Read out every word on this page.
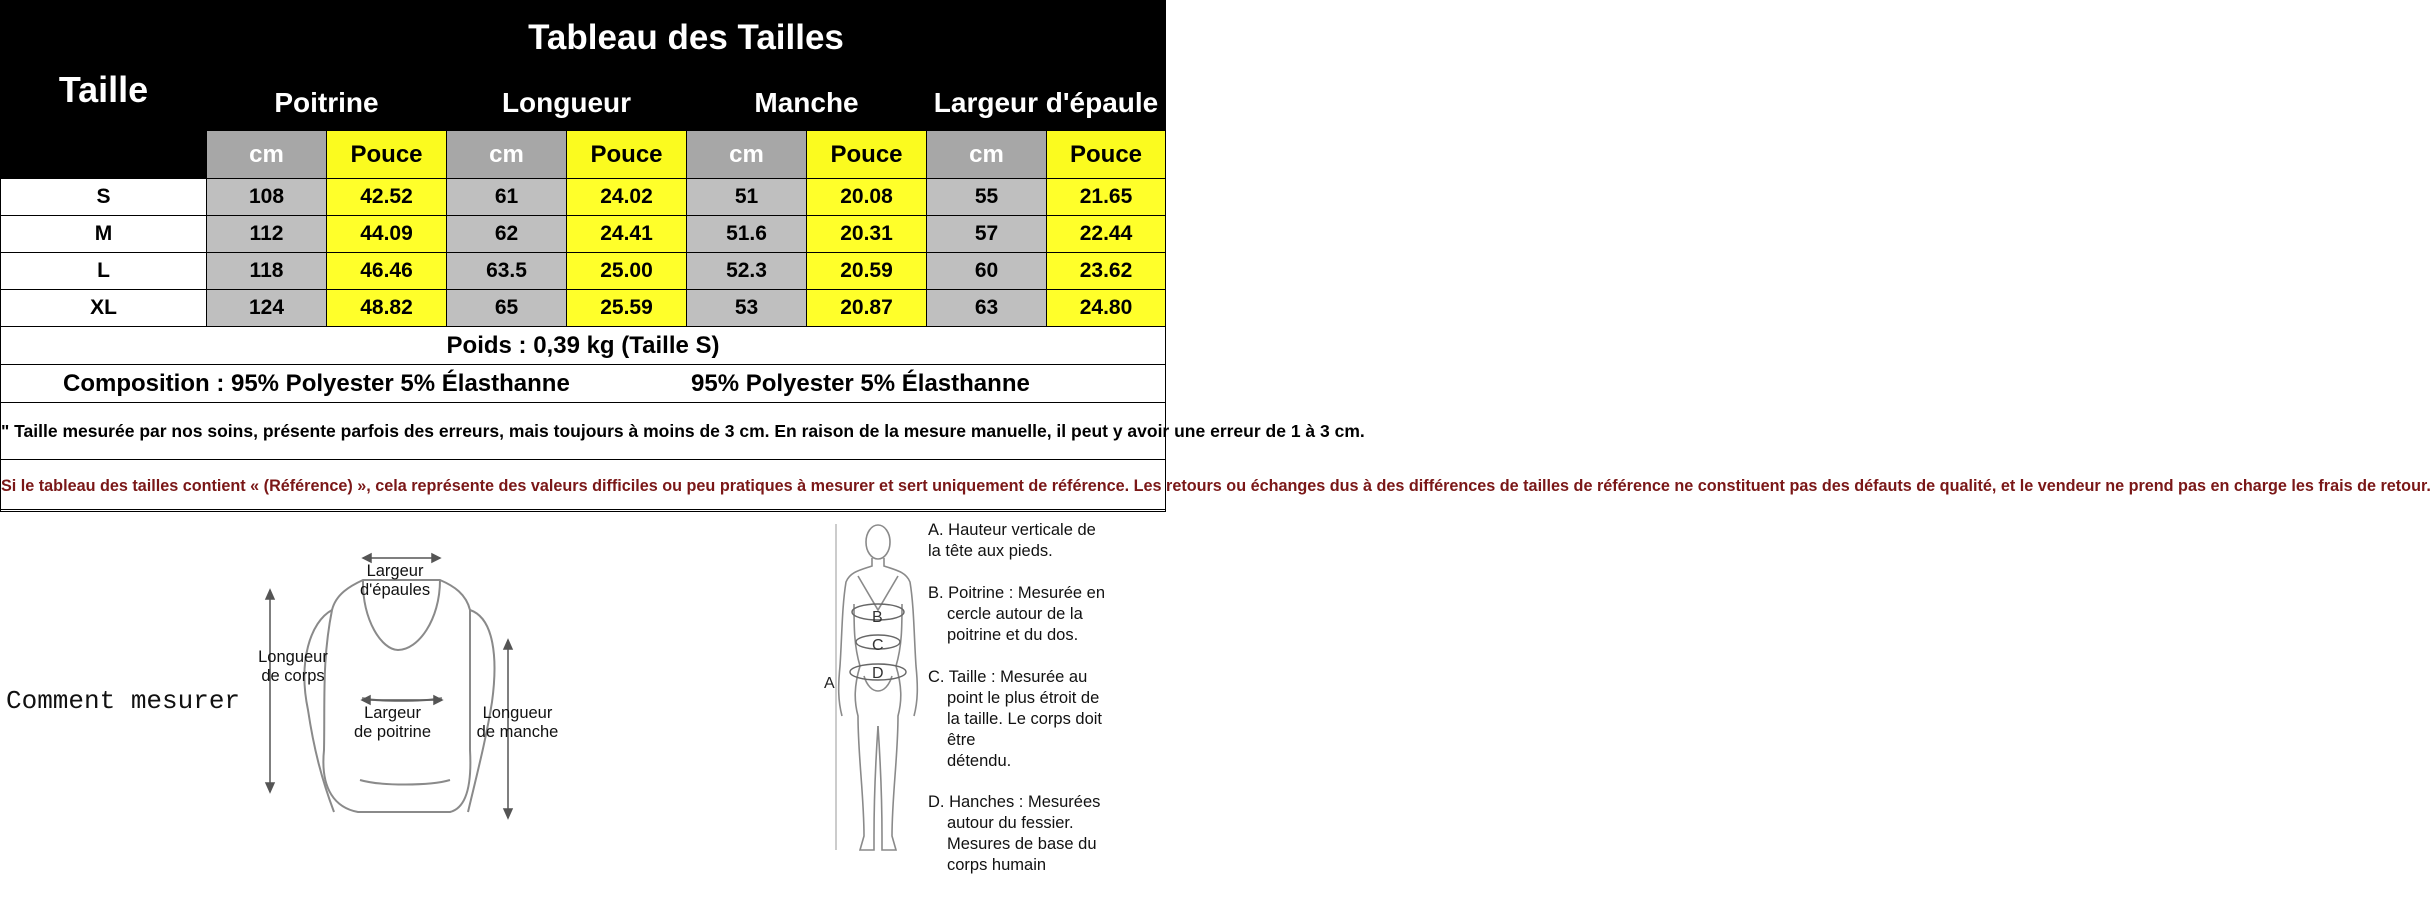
Taille	Tableau des Tailles							
	Poitrine		Longueur		Manche		Largeur d'épaule	
	cm	Pouce	cm	Pouce	cm	Pouce	cm	Pouce
S	108	42.52	61	24.02	51	20.08	55	21.65
M	112	44.09	62	24.41	51.6	20.31	57	22.44
L	118	46.46	63.5	25.00	52.3	20.59	60	23.62
XL	124	48.82	65	25.59	53	20.87	63	24.80
Poids : 0,39 kg (Taille S)								

Composition : 95% Polyester 5% Élasthanne 95% Polyester 5% Élasthanne								

" Taille mesurée par nos soins, présente parfois des erreurs, mais toujours à moins de 3 cm. En raison de la mesure manuelle, il peut y avoir une erreur de 1 à 3 cm.								
Si le tableau des tailles contient « (Référence) », cela représente des valeurs difficiles ou peu pratiques à mesurer et sert uniquement de référence. Les retours ou échanges dus à des différences de tailles de référence ne constituent pas des défauts de qualité, et le vendeur ne prend pas en charge les frais de retour.								
Comment mesurer
Largeur
d'épaules
Longueur
de corps
Largeur
de poitrine
Longueur
de manche
B
C
D
A
A. Hauteur verticale de
la tête aux pieds.
B. Poitrine : Mesurée en
cercle autour de la
poitrine et du dos.
C. Taille : Mesurée au
point le plus étroit de
la taille. Le corps doit
être
détendu.
D. Hanches : Mesurées
autour du fessier.
Mesures de base du
corps humain
